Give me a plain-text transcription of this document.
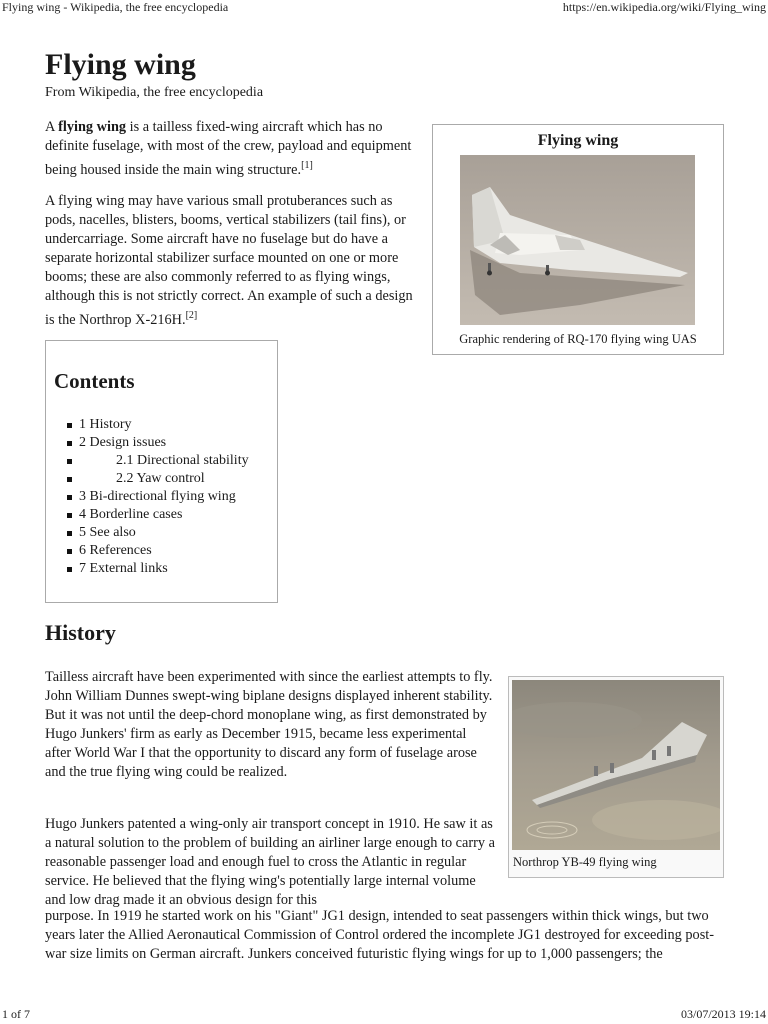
Flying wing - Wikipedia, the free encyclopedia	https://en.wikipedia.org/wiki/Flying_wing
Flying wing
From Wikipedia, the free encyclopedia

A flying wing is a tailless fixed-wing aircraft which has no definite fuselage, with most of the crew, payload and equipment being housed inside the main wing structure.[1]

A flying wing may have various small protuberances such as pods, nacelles, blisters, booms, vertical stabilizers (tail fins), or undercarriage. Some aircraft have no fuselage but do have a separate horizontal stabilizer surface mounted on one or more booms; these are also commonly referred to as flying wings, although this is not strictly correct. An example of such a design is the Northrop X-216H.[2]

Flying wing
Graphic rendering of RQ-170 flying wing UAS
Contents
1 History
2 Design issues
2.1 Directional stability
2.2 Yaw control
3 Bi-directional flying wing
4 Borderline cases
5 See also
6 References
7 External links
History

Tailless aircraft have been experimented with since the earliest attempts to fly. John William Dunnes swept-wing biplane designs displayed inherent stability. But it was not until the deep-chord monoplane wing, as first demonstrated by Hugo Junkers' firm as early as December 1915, became less experimental after World War I that the opportunity to discard any form of fuselage arose and the true flying wing could be realized.

Hugo Junkers patented a wing-only air transport concept in 1910. He saw it as a natural solution to the problem of building an airliner large enough to carry a reasonable passenger load and enough fuel to cross the Atlantic in regular service. He believed that the flying wing's potentially large internal volume and low drag made it an obvious design for this

purpose. In 1919 he started work on his "Giant" JG1 design, intended to seat passengers within thick wings, but two years later the Allied Aeronautical Commission of Control ordered the incomplete JG1 destroyed for exceeding post-war size limits on German aircraft. Junkers conceived futuristic flying wings for up to 1,000 passengers; the

Northrop YB-49 flying wing
1 of 7	03/07/2013 19:14
